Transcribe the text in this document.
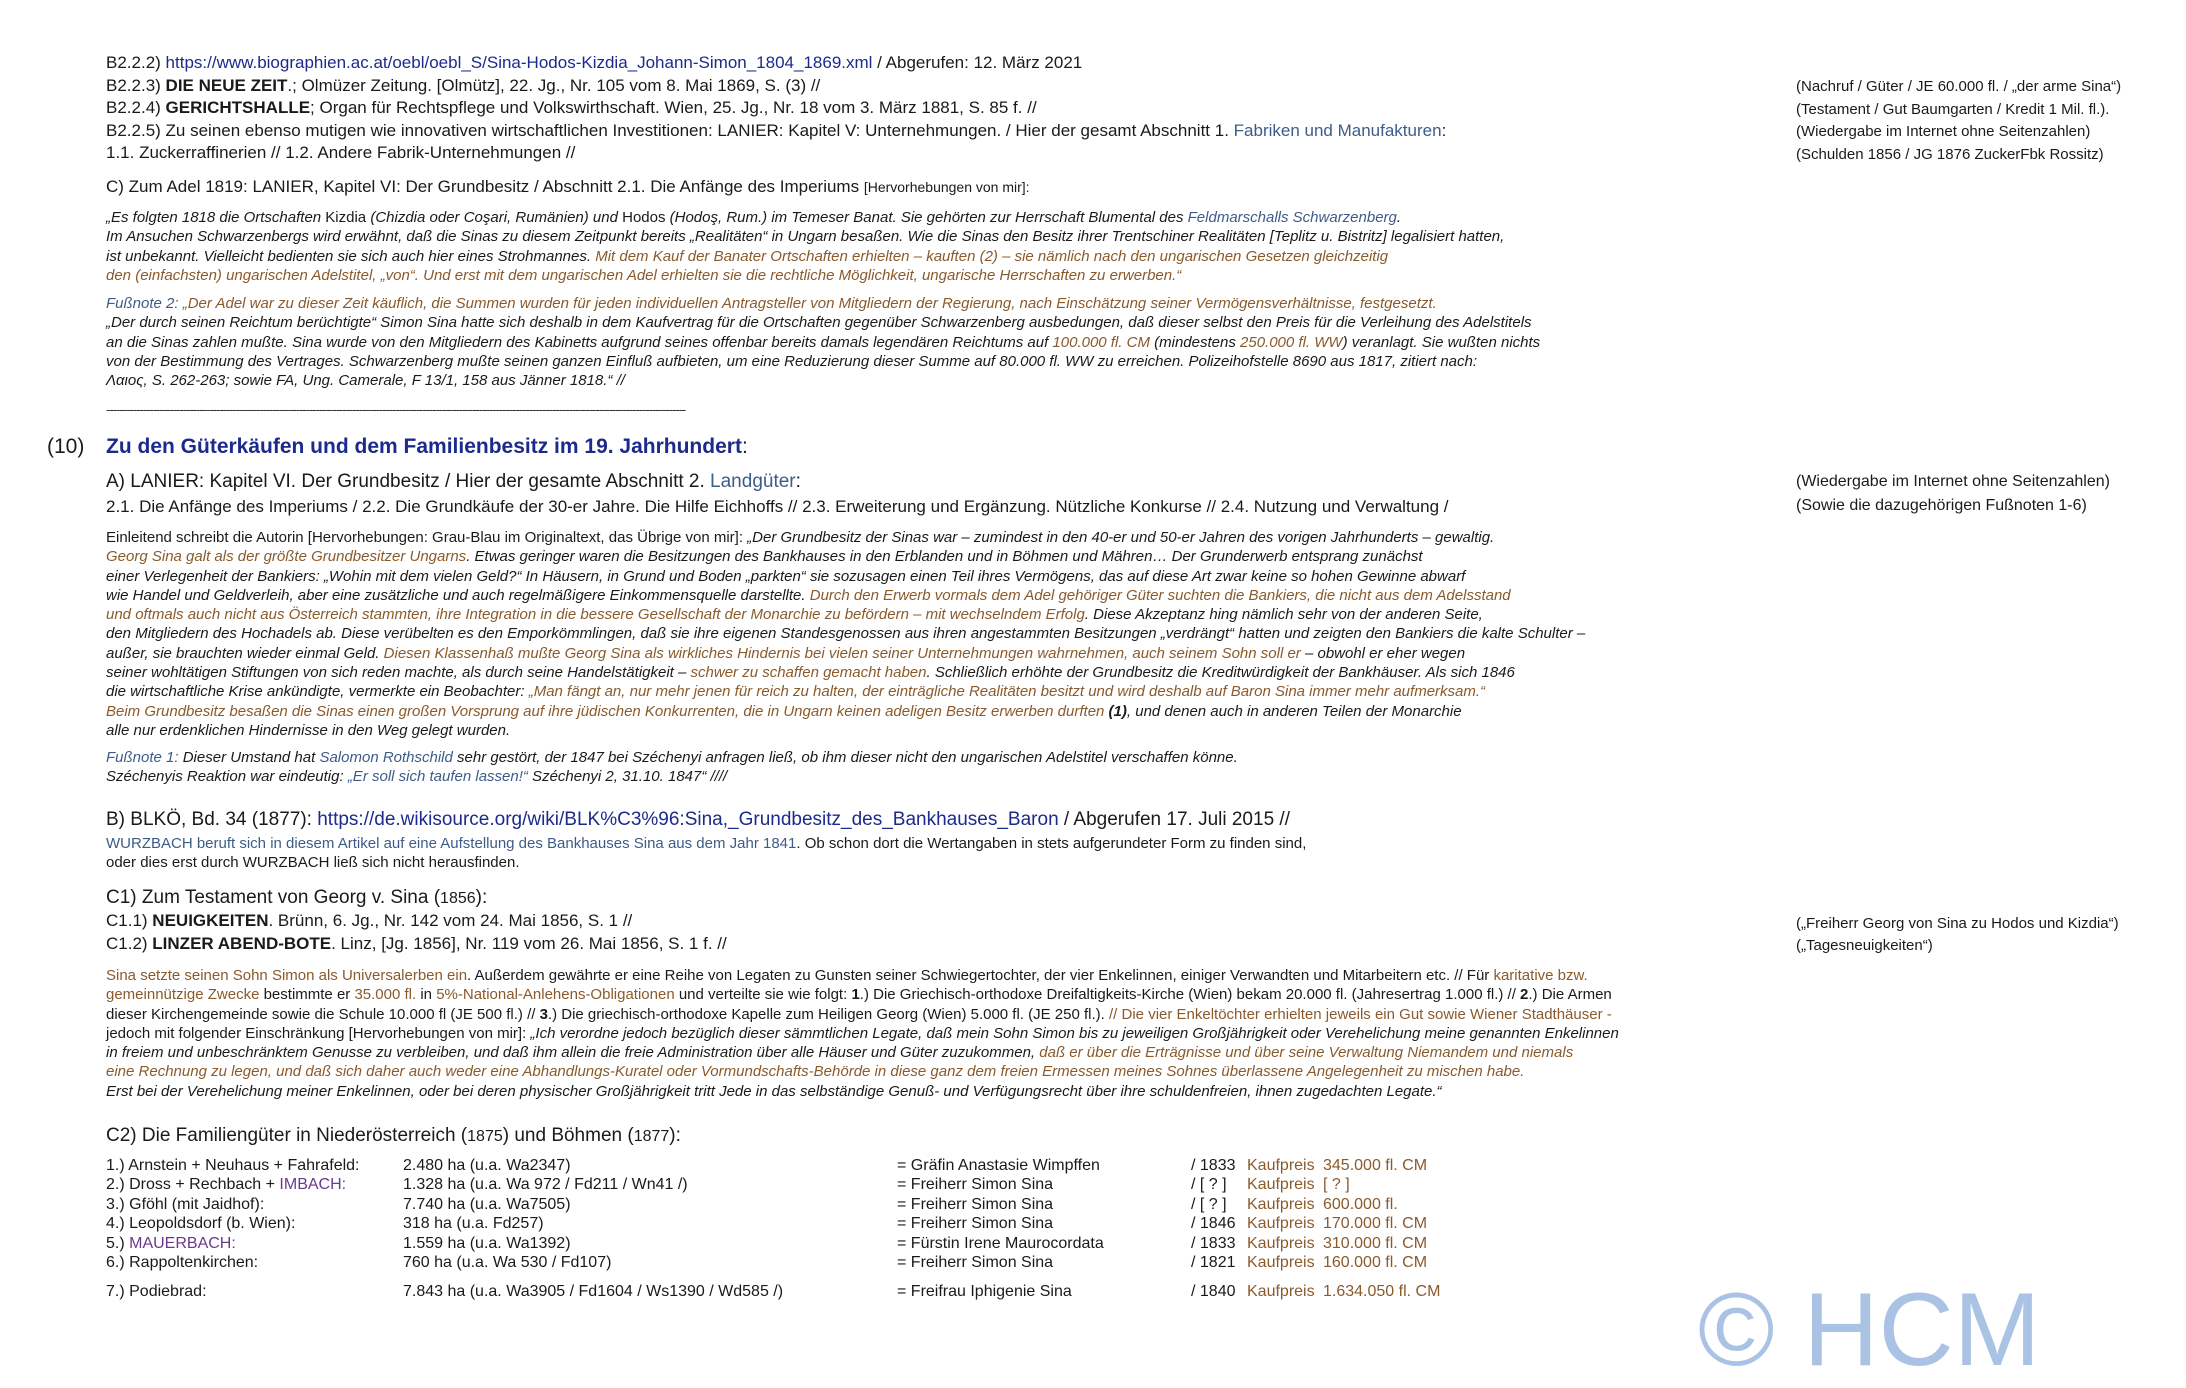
B2.2.2) https://www.biographien.ac.at/oebl/oebl_S/Sina-Hodos-Kizdia_Johann-Simon_1804_1869.xml / Abgerufen: 12. März 2021
B2.2.3) DIE NEUE ZEIT.; Olmüzer Zeitung. [Olmütz], 22. Jg., Nr. 105 vom 8. Mai 1869, S. (3) //
B2.2.4) GERICHTSHALLE; Organ für Rechtspflege und Volkswirthschaft. Wien, 25. Jg., Nr. 18 vom 3. März 1881, S. 85 f. //
B2.2.5) Zu seinen ebenso mutigen wie innovativen wirtschaftlichen Investitionen: LANIER: Kapitel V: Unternehmungen. / Hier der gesamt Abschnitt 1. Fabriken und Manufakturen:
1.1. Zuckerraffinerien // 1.2. Andere Fabrik-Unternehmungen //
(Nachruf / Güter / JE 60.000 fl. / „der arme Sina“)
(Testament / Gut Baumgarten / Kredit 1 Mil. fl.).
(Wiedergabe im Internet ohne Seitenzahlen)
(Schulden 1856 / JG 1876 ZuckerFbk Rossitz)
C) Zum Adel 1819: LANIER, Kapitel VI: Der Grundbesitz / Abschnitt 2.1. Die Anfänge des Imperiums [Hervorhebungen von mir]:
„Es folgten 1818 die Ortschaften Kizdia (Chizdia oder Coşari, Rumänien) und Hodos (Hodoş, Rum.) im Temeser Banat. Sie gehörten zur Herrschaft Blumental des Feldmarschalls Schwarzenberg.
Im Ansuchen Schwarzenbergs wird erwähnt, daß die Sinas zu diesem Zeitpunkt bereits „Realitäten“ in Ungarn besaßen. Wie die Sinas den Besitz ihrer Trentschiner Realitäten [Teplitz u. Bistritz] legalisiert hatten,
ist unbekannt. Vielleicht bedienten sie sich auch hier eines Strohmannes. Mit dem Kauf der Banater Ortschaften erhielten – kauften (2) – sie nämlich nach den ungarischen Gesetzen gleichzeitig
den (einfachsten) ungarischen Adelstitel, „von“. Und erst mit dem ungarischen Adel erhielten sie die rechtliche Möglichkeit, ungarische Herrschaften zu erwerben.“
Fußnote 2: „Der Adel war zu dieser Zeit käuflich, die Summen wurden für jeden individuellen Antragsteller von Mitgliedern der Regierung, nach Einschätzung seiner Vermögensverhältnisse, festgesetzt.
„Der durch seinen Reichtum berüchtigte“ Simon Sina hatte sich deshalb in dem Kaufvertrag für die Ortschaften gegenüber Schwarzenberg ausbedungen, daß dieser selbst den Preis für die Verleihung des Adelstitels
an die Sinas zahlen mußte. Sina wurde von den Mitgliedern des Kabinetts aufgrund seines offenbar bereits damals legendären Reichtums auf 100.000 fl. CM (mindestens 250.000 fl. WW) veranlagt. Sie wußten nichts
von der Bestimmung des Vertrages. Schwarzenberg mußte seinen ganzen Einfluß aufbieten, um eine Reduzierung dieser Summe auf 80.000 fl. WW zu erreichen. Polizeihofstelle 8690 aus 1817, zitiert nach:
Λαιος, S. 262-263; sowie FA, Ung. Camerale, F 13/1, 158 aus Jänner 1818.“ //
------------------------------------------------------------------------------------------------------------------------------------------------------------------------------
(10) Zu den Güterkäufen und dem Familienbesitz im 19. Jahrhundert:
A) LANIER: Kapitel VI. Der Grundbesitz / Hier der gesamte Abschnitt 2. Landgüter:
2.1. Die Anfänge des Imperiums / 2.2. Die Grundkäufe der 30-er Jahre. Die Hilfe Eichhoffs // 2.3. Erweiterung und Ergänzung. Nützliche Konkurse // 2.4. Nutzung und Verwaltung /
(Wiedergabe im Internet ohne Seitenzahlen)
(Sowie die dazugehörigen Fußnoten 1-6)
Einleitend schreibt die Autorin [Hervorhebungen: Grau-Blau im Originaltext, das Übrige von mir]: „Der Grundbesitz der Sinas war – zumindest in den 40-er und 50-er Jahren des vorigen Jahrhunderts – gewaltig.
Georg Sina galt als der größte Grundbesitzer Ungarns. Etwas geringer waren die Besitzungen des Bankhauses in den Erblanden und in Böhmen und Mähren… Der Grunderwerb entsprang zunächst
einer Verlegenheit der Bankiers: „Wohin mit dem vielen Geld?“ In Häusern, in Grund und Boden „parkten“ sie sozusagen einen Teil ihres Vermögens, das auf diese Art zwar keine so hohen Gewinne abwarf
wie Handel und Geldverleih, aber eine zusätzliche und auch regelmäßigere Einkommensquelle darstellte. Durch den Erwerb vormals dem Adel gehöriger Güter suchten die Bankiers, die nicht aus dem Adelsstand
und oftmals auch nicht aus Österreich stammten, ihre Integration in die bessere Gesellschaft der Monarchie zu befördern – mit wechselndem Erfolg. Diese Akzeptanz hing nämlich sehr von der anderen Seite,
den Mitgliedern des Hochadels ab. Diese verübelten es den Emporkömmlingen, daß sie ihre eigenen Standesgenossen aus ihren angestammten Besitzungen „verdrängt“ hatten und zeigten den Bankiers die kalte Schulter –
außer, sie brauchten wieder einmal Geld. Diesen Klassenhaß mußte Georg Sina als wirkliches Hindernis bei vielen seiner Unternehmungen wahrnehmen, auch seinem Sohn soll er – obwohl er eher wegen
seiner wohltätigen Stiftungen von sich reden machte, als durch seine Handelstätigkeit – schwer zu schaffen gemacht haben. Schließlich erhöhte der Grundbesitz die Kreditwürdigkeit der Bankhäuser. Als sich 1846
die wirtschaftliche Krise ankündigte, vermerkte ein Beobachter: „Man fängt an, nur mehr jenen für reich zu halten, der einträgliche Realitäten besitzt und wird deshalb auf Baron Sina immer mehr aufmerksam.“
Beim Grundbesitz besaßen die Sinas einen großen Vorsprung auf ihre jüdischen Konkurrenten, die in Ungarn keinen adeligen Besitz erwerben durften (1), und denen auch in anderen Teilen der Monarchie
alle nur erdenklichen Hindernisse in den Weg gelegt wurden.
Fußnote 1: Dieser Umstand hat Salomon Rothschild sehr gestört, der 1847 bei Széchenyi anfragen ließ, ob ihm dieser nicht den ungarischen Adelstitel verschaffen könne.
Széchenyis Reaktion war eindeutig: „Er soll sich taufen lassen!“ Széchenyi 2, 31.10. 1847“ ////
B) BLKÖ, Bd. 34 (1877): https://de.wikisource.org/wiki/BLK%C3%96:Sina,_Grundbesitz_des_Bankhauses_Baron / Abgerufen 17. Juli 2015 //
WURZBACH beruft sich in diesem Artikel auf eine Aufstellung des Bankhauses Sina aus dem Jahr 1841. Ob schon dort die Wertangaben in stets aufgerundeter Form zu finden sind,
oder dies erst durch WURZBACH ließ sich nicht herausfinden.
C1) Zum Testament von Georg v. Sina (1856):
C1.1) NEUIGKEITEN. Brünn, 6. Jg., Nr. 142 vom 24. Mai 1856, S. 1 //
C1.2) LINZER ABEND-BOTE. Linz, [Jg. 1856], Nr. 119 vom 26. Mai 1856, S. 1 f. //
(„Freiherr Georg von Sina zu Hodos und Kizdia“)
(„Tagesneuigkeiten“)
Sina setzte seinen Sohn Simon als Universalerben ein. Außerdem gewährte er eine Reihe von Legaten zu Gunsten seiner Schwiegertochter, der vier Enkelinnen, einiger Verwandten und Mitarbeitern etc. // Für karitative bzw.
gemeinnützige Zwecke bestimmte er 35.000 fl. in 5%-National-Anlehens-Obligationen und verteilte sie wie folgt: 1.) Die Griechisch-orthodoxe Dreifaltigkeits-Kirche (Wien) bekam 20.000 fl. (Jahresertrag 1.000 fl.) // 2.) Die Armen
dieser Kirchengemeinde sowie die Schule 10.000 fl (JE 500 fl.) // 3.) Die griechisch-orthodoxe Kapelle zum Heiligen Georg (Wien) 5.000 fl. (JE 250 fl.). // Die vier Enkeltöchter erhielten jeweils ein Gut sowie Wiener Stadthäuser -
jedoch mit folgender Einschränkung [Hervorhebungen von mir]: „Ich verordne jedoch bezüglich dieser sämmtlichen Legate, daß mein Sohn Simon bis zu jeweiligen Großjährigkeit oder Verehelichung meine genannten Enkelinnen
in freiem und unbeschränktem Genusse zu verbleiben, und daß ihm allein die freie Administration über alle Häuser und Güter zuzukommen, daß er über die Erträgnisse und über seine Verwaltung Niemandem und niemals
eine Rechnung zu legen, und daß sich daher auch weder eine Abhandlungs-Kuratel oder Vormundschafts-Behörde in diese ganz dem freien Ermessen meines Sohnes überlassene Angelegenheit zu mischen habe.
Erst bei der Verehelichung meiner Enkelinnen, oder bei deren physischer Großjährigkeit tritt Jede in das selbständige Genuß- und Verfügungsrecht über ihre schuldenfreien, ihnen zugedachten Legate.“
C2) Die Familiengüter in Niederösterreich (1875) und Böhmen (1877):
1.) Arnstein + Neuhaus + Fahrafeld:	2.480 ha (u.a. Wa2347)	= Gräfin Anastasie Wimpffen	/ 1833	Kaufpreis	345.000 fl. CM
2.) Dross + Rechbach + IMBACH:	1.328 ha (u.a. Wa 972 / Fd211 / Wn41 /)	= Freiherr Simon Sina	/ [ ? ]	Kaufpreis	[ ? ]
3.) Gföhl (mit Jaidhof):	7.740 ha (u.a. Wa7505)	= Freiherr Simon Sina	/ [ ? ]	Kaufpreis	600.000 fl.
4.) Leopoldsdorf (b. Wien):	318 ha (u.a. Fd257)	= Freiherr Simon Sina	/ 1846	Kaufpreis	170.000 fl. CM
5.) MAUERBACH:	1.559 ha (u.a. Wa1392)	= Fürstin Irene Maurocordata	/ 1833	Kaufpreis	310.000 fl. CM
6.) Rappoltenkirchen:	760 ha (u.a. Wa 530 / Fd107)	= Freiherr Simon Sina	/ 1821	Kaufpreis	160.000 fl. CM
7.) Podiebrad:	7.843 ha (u.a. Wa3905 / Fd1604 / Ws1390 / Wd585 /)	= Freifrau Iphigenie Sina	/ 1840	Kaufpreis	1.634.050 fl. CM © HCM
